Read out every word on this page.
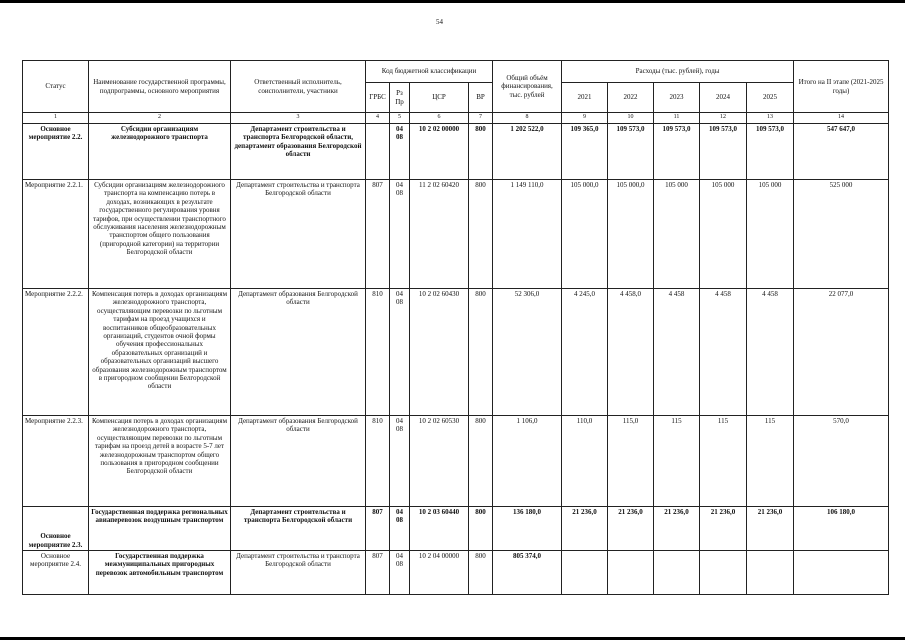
54
Статус	Наименование государственной программы, подпрограммы, основного мероприятия	Ответственный исполнитель, соисполнители, участники	Код бюджетной классификации				Общий объём финансирования, тыс. рублей	Расходы (тыс. рублей), годы					Итого на II этапе (2021-2025 годы)
			ГРБС	Рз Пр	ЦСР	ВР		2021	2022	2023	2024	2025	
1	2	3	4	5	6	7	8	9	10	11	12	13	14
Основное мероприятие 2.2.	Субсидии организациям железнодорожного транспорта	Департамент строительства и транспорта Белгородской области, департамент образования Белгородской области		04 08	10 2 02 00000	800	1 202 522,0	109 365,0	109 573,0	109 573,0	109 573,0	109 573,0	547 647,0
Мероприятие 2.2.1.	Субсидии организациям железнодорожного транспорта на компенсацию потерь в доходах, возникающих в результате государственного регулирования уровня тарифов, при осуществлении транспортного обслуживания населения железнодорожным транспортом общего пользования (пригородной категории) на территории Белгородской области	Департамент строительства и транспорта Белгородской области	807	04 08	11 2 02 60420	800	1 149 110,0	105 000,0	105 000,0	105 000	105 000	105 000	525 000
Мероприятие 2.2.2.	Компенсация потерь в доходах организациям железнодорожного транспорта, осуществляющим перевозки по льготным тарифам на проезд учащихся и воспитанников общеобразовательных организаций, студентов очной формы обучения профессиональных образовательных организаций и образовательных организаций высшего образования железнодорожным транспортом в пригородном сообщении Белгородской области	Департамент образования Белгородской области	810	04 08	10 2 02 60430	800	52 306,0	4 245,0	4 458,0	4 458	4 458	4 458	22 077,0
Мероприятие 2.2.3.	Компенсация потерь в доходах организациям железнодорожного транспорта, осуществляющим перевозки по льготным тарифам на проезд детей в возрасте 5-7 лет железнодорожным транспортом общего пользования в пригородном сообщении Белгородской области	Департамент образования Белгородской области	810	04 08	10 2 02 60530	800	1 106,0	110,0	115,0	115	115	115	570,0
Основное мероприятие 2.3.	Государственная поддержка региональных авиаперевозок воздушным транспортом	Департамент строительства и транспорта Белгородской области	807	04 08	10 2 03 60440	800	136 180,0	21 236,0	21 236,0	21 236,0	21 236,0	21 236,0	106 180,0
Основное мероприятие 2.4.	Государственная поддержка межмуниципальных пригородных перевозок автомобильным транспортом	Департамент строительства и транспорта Белгородской области	807	04 08	10 2 04 00000	800	805 374,0						
